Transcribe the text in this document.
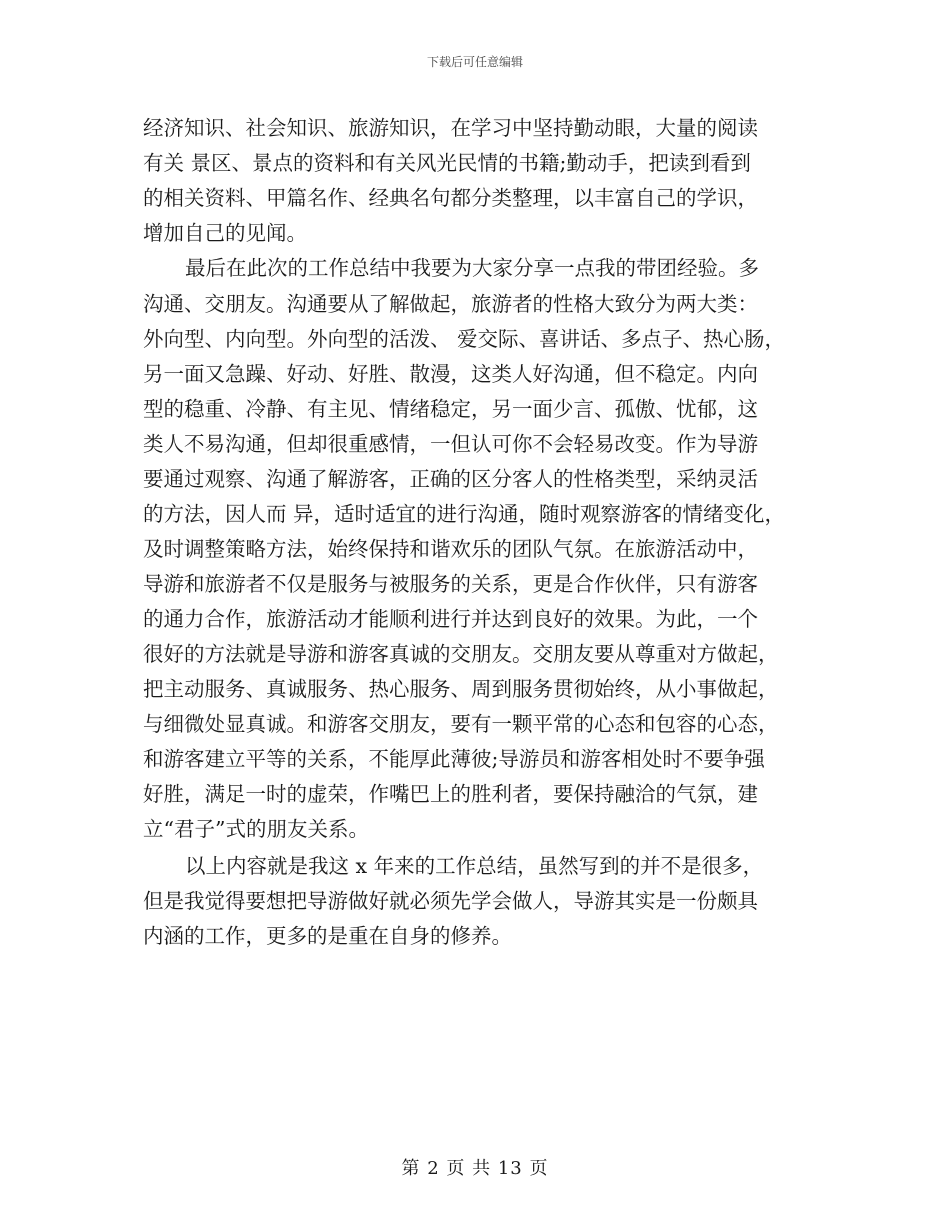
下载后可任意编辑
经济知识、社会知识、旅游知识，在学习中坚持勤动眼，大量的阅读
有关 景区、景点的资料和有关风光民情的书籍;勤动手，把读到看到
的相关资料、甲篇名作、经典名句都分类整理，以丰富自己的学识，
增加自己的见闻。
最后在此次的工作总结中我要为大家分享一点我的带团经验。多
沟通、交朋友。沟通要从了解做起，旅游者的性格大致分为两大类：
外向型、内向型。外向型的活泼、 爱交际、喜讲话、多点子、热心肠，
另一面又急躁、好动、好胜、散漫，这类人好沟通，但不稳定。内向
型的稳重、冷静、有主见、情绪稳定，另一面少言、孤傲、忧郁，这
类人不易沟通，但却很重感情，一但认可你不会轻易改变。作为导游
要通过观察、沟通了解游客，正确的区分客人的性格类型，采纳灵活
的方法，因人而 异，适时适宜的进行沟通，随时观察游客的情绪变化，
及时调整策略方法，始终保持和谐欢乐的团队气氛。在旅游活动中，
导游和旅游者不仅是服务与被服务的关系，更是合作伙伴，只有游客
的通力合作，旅游活动才能顺利进行并达到良好的效果。为此，一个
很好的方法就是导游和游客真诚的交朋友。交朋友要从尊重对方做起，
把主动服务、真诚服务、热心服务、周到服务贯彻始终，从小事做起，
与细微处显真诚。和游客交朋友，要有一颗平常的心态和包容的心态，
和游客建立平等的关系，不能厚此薄彼;导游员和游客相处时不要争强
好胜，满足一时的虚荣，作嘴巴上的胜利者，要保持融洽的气氛，建
立“君子”式的朋友关系。
以上内容就是我这 x 年来的工作总结，虽然写到的并不是很多，
但是我觉得要想把导游做好就必须先学会做人，导游其实是一份颇具
内涵的工作，更多的是重在自身的修养。
第 2 页 共 13 页
